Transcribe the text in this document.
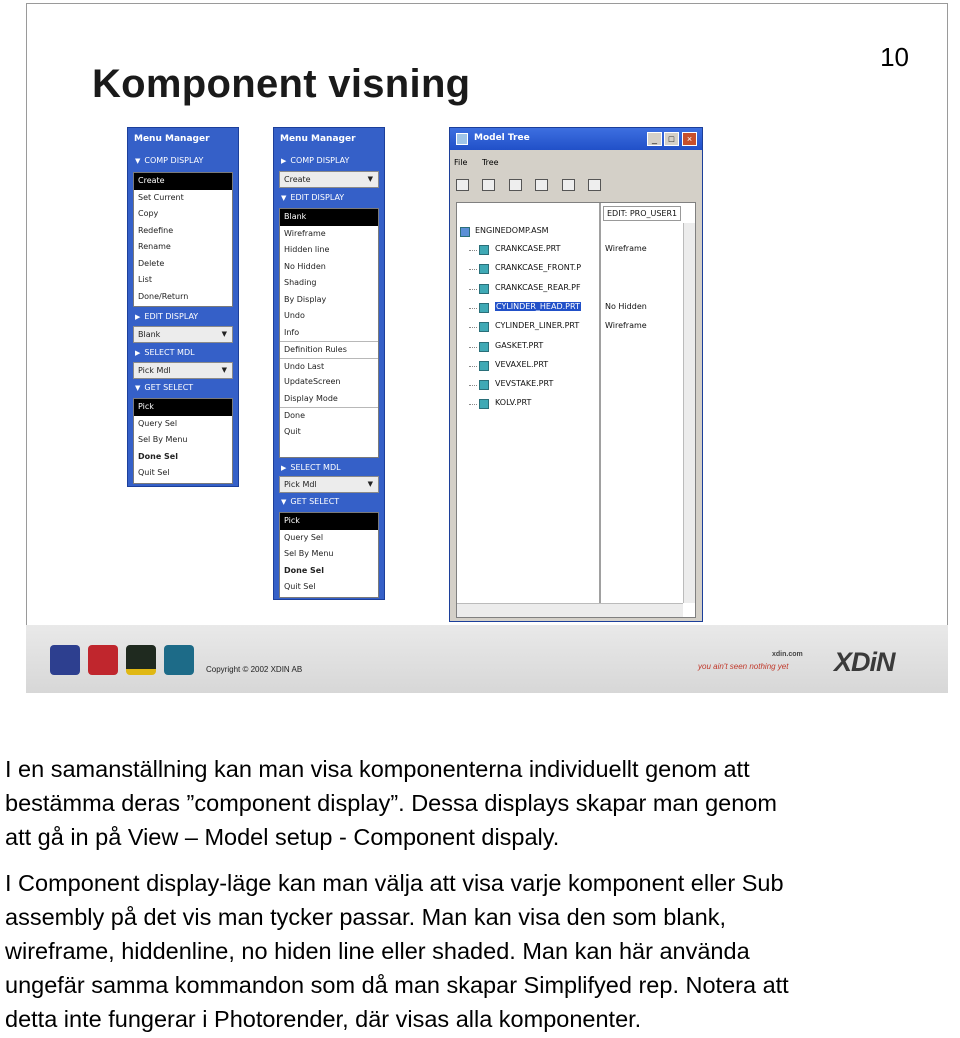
Komponent visning
10
Menu Manager
▼ COMP DISPLAY
Create
Set Current
Copy
Redefine
Rename
Delete
List
Done/Return
▶ EDIT DISPLAY
Blank	▼
▶ SELECT MDL
Pick Mdl	▼
▼ GET SELECT
Pick
Query Sel
Sel By Menu
Done Sel
Quit Sel
Menu Manager
▶ COMP DISPLAY
Create	▼
▼ EDIT DISPLAY
Blank
Wireframe
Hidden line
No Hidden
Shading
By Display
Undo
Info
Definition Rules
Undo Last
UpdateScreen
Display Mode
Done
Quit
▶ SELECT MDL
Pick Mdl	▼
▼ GET SELECT
Pick
Query Sel
Sel By Menu
Done Sel
Quit Sel
Model Tree	_	□	×
File Tree

EDIT: PRO_USER1
ENGINEDOMP.ASM
CRANKCASE.PRT	Wireframe
CRANKCASE_FRONT.P
CRANKCASE_REAR.PF
CYLINDER_HEAD.PRT	No Hidden
CYLINDER_LINER.PRT	Wireframe
GASKET.PRT
VEVAXEL.PRT
VEVSTAKE.PRT
KOLV.PRT
Copyright © 2002 XDIN AB
xdin.com
you ain't seen nothing yet XDiN
I en samanställning kan man visa komponenterna individuellt genom att
bestämma deras ”component display”. Dessa displays skapar man genom
att gå in på View – Model setup - Component dispaly.
I Component display-läge kan man välja att visa varje komponent eller Sub
assembly på det vis man tycker passar. Man kan visa den som blank,
wireframe, hiddenline, no hiden line eller shaded. Man kan här använda
ungefär samma kommandon som då man skapar Simplifyed rep. Notera att
detta inte fungerar i Photorender, där visas alla komponenter.
